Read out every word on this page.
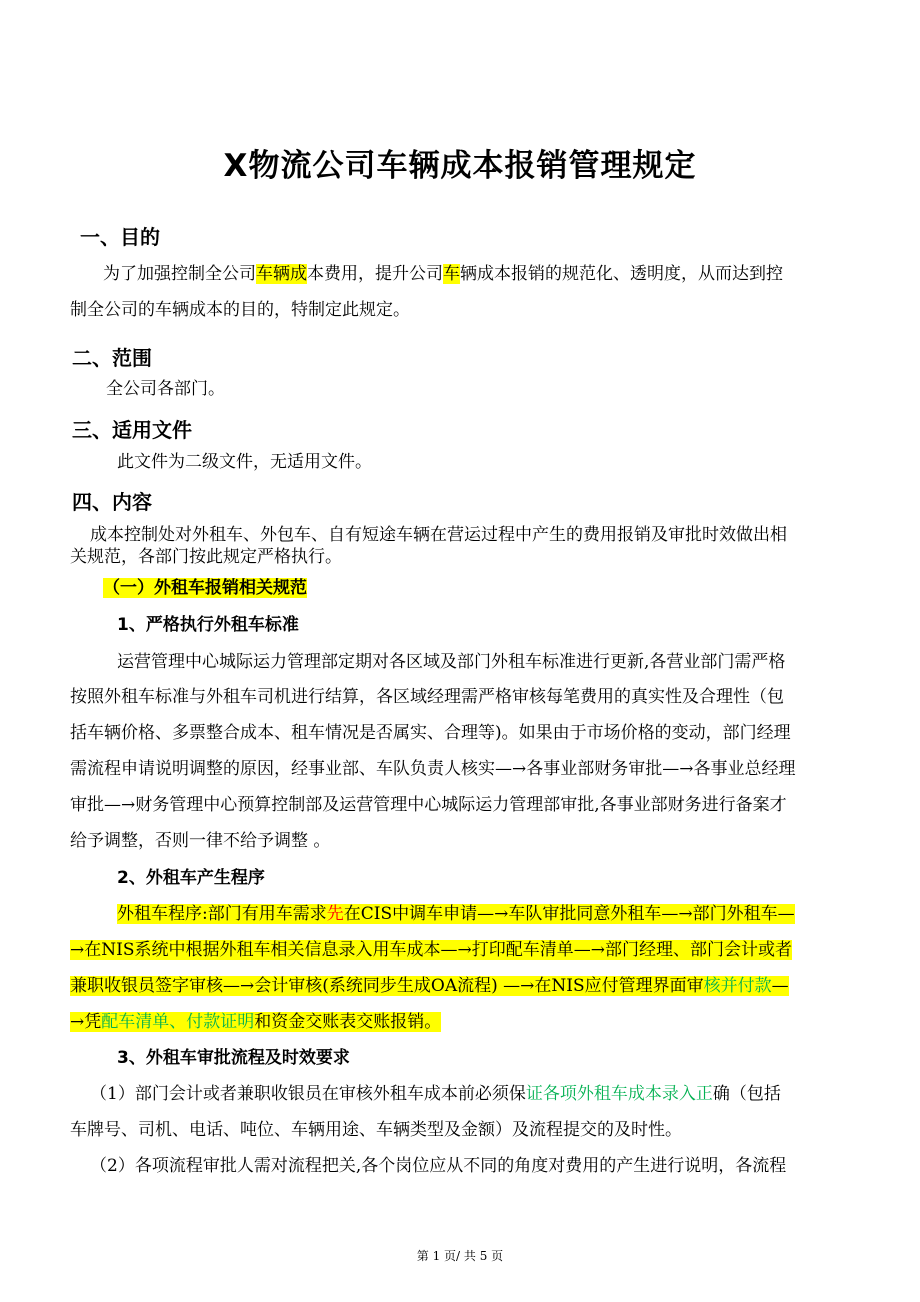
X物流公司车辆成本报销管理规定
一、目的
为了加强控制全公司车辆成本费用，提升公司车辆成本报销的规范化、透明度，从而达到控
制全公司的车辆成本的目的，特制定此规定。
二、范围
全公司各部门。
三、适用文件
此文件为二级文件，无适用文件。
四、内容
成本控制处对外租车、外包车、自有短途车辆在营运过程中产生的费用报销及审批时效做出相
关规范，各部门按此规定严格执行。
（一）外租车报销相关规范
1、严格执行外租车标准
运营管理中心城际运力管理部定期对各区域及部门外租车标准进行更新,各营业部门需严格
按照外租车标准与外租车司机进行结算，各区域经理需严格审核每笔费用的真实性及合理性（包
括车辆价格、多票整合成本、租车情况是否属实、合理等)。如果由于市场价格的变动，部门经理
需流程申请说明调整的原因，经事业部、车队负责人核实—→各事业部财务审批—→各事业总经理
审批—→财务管理中心预算控制部及运营管理中心城际运力管理部审批,各事业部财务进行备案才
给予调整，否则一律不给予调整 。
2、外租车产生程序
外租车程序:部门有用车需求先在CIS中调车申请—→车队审批同意外租车—→部门外租车—
→在NIS系统中根据外租车相关信息录入用车成本—→打印配车清单—→部门经理、部门会计或者
兼职收银员签字审核—→会计审核(系统同步生成OA流程) —→在NIS应付管理界面审核并付款—
→凭配车清单、付款证明和资金交账表交账报销。
3、外租车审批流程及时效要求
（1）部门会计或者兼职收银员在审核外租车成本前必须保证各项外租车成本录入正确（包括
车牌号、司机、电话、吨位、车辆用途、车辆类型及金额）及流程提交的及时性。
（2）各项流程审批人需对流程把关,各个岗位应从不同的角度对费用的产生进行说明，各流程
第 1 页/ 共 5 页
